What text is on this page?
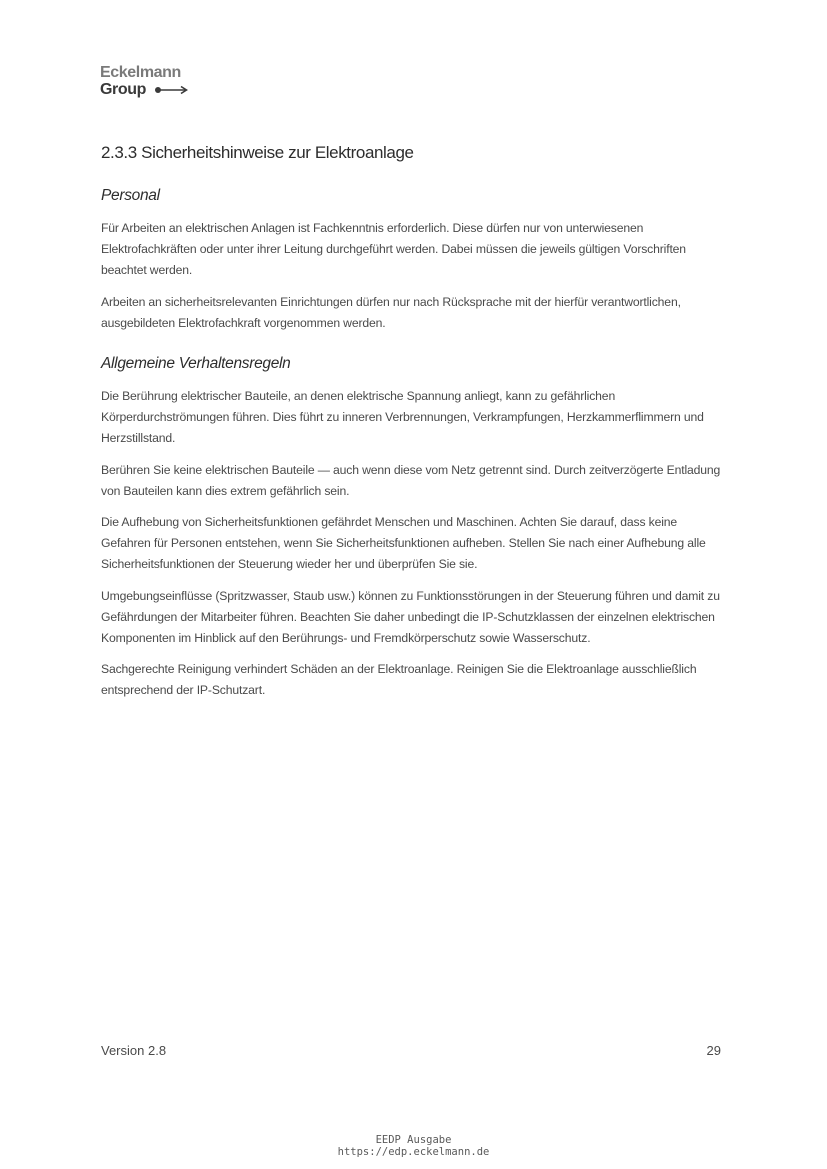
Eckelmann
Group
2.3.3 Sicherheitshinweise zur Elektroanlage
Personal

Für Arbeiten an elektrischen Anlagen ist Fachkenntnis erforderlich. Diese dürfen nur von unterwiesenen Elektrofachkräften oder unter ihrer Leitung durchgeführt werden. Dabei müssen die jeweils gültigen Vorschriften beachtet werden.

Arbeiten an sicherheitsrelevanten Einrichtungen dürfen nur nach Rücksprache mit der hierfür verantwortlichen, ausgebildeten Elektrofachkraft vorgenommen werden.

Allgemeine Verhaltensregeln

Die Berührung elektrischer Bauteile, an denen elektrische Spannung anliegt, kann zu gefährlichen Körperdurchströmungen führen. Dies führt zu inneren Verbrennungen, Verkrampfungen, Herzkammerflimmern und Herzstillstand.

Berühren Sie keine elektrischen Bauteile — auch wenn diese vom Netz getrennt sind. Durch zeitverzögerte Entladung von Bauteilen kann dies extrem gefährlich sein.

Die Aufhebung von Sicherheitsfunktionen gefährdet Menschen und Maschinen. Achten Sie darauf, dass keine Gefahren für Personen entstehen, wenn Sie Sicherheitsfunktionen aufheben. Stellen Sie nach einer Aufhebung alle Sicherheitsfunktionen der Steuerung wieder her und überprüfen Sie sie.

Umgebungseinflüsse (Spritzwasser, Staub usw.) können zu Funktionsstörungen in der Steuerung führen und damit zu Gefährdungen der Mitarbeiter führen. Beachten Sie daher unbedingt die IP-Schutzklassen der einzelnen elektrischen Komponenten im Hinblick auf den Berührungs- und Fremdkörperschutz sowie Wasserschutz.

Sachgerechte Reinigung verhindert Schäden an der Elektroanlage. Reinigen Sie die Elektroanlage ausschließlich entsprechend der IP-Schutzart.

Version 2.8	29
EEDP Ausgabe
https://edp.eckelmann.de
